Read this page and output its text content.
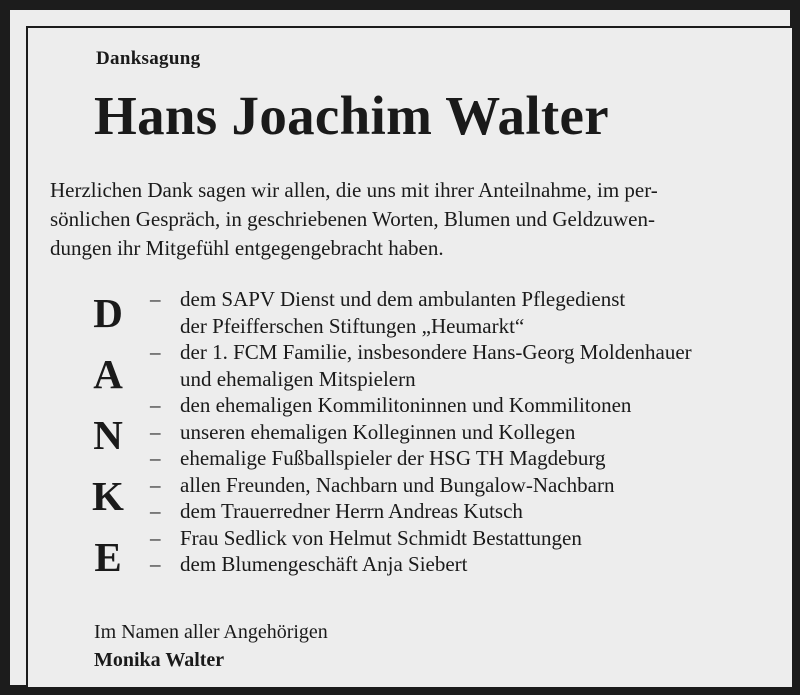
Danksagung
Hans Joachim Walter
Herzlichen Dank sagen wir allen, die uns mit ihrer Anteilnahme, im per-
sönlichen Gespräch, in geschriebenen Worten, Blumen und Geldzuwen-
dungen ihr Mitgefühl entgegengebracht haben.
D
A
N
K
E
– dem SAPV Dienst und dem ambulanten Pflegedienst
der Pfeifferschen Stiftungen „Heumarkt“
– der 1. FCM Familie, insbesondere Hans-Georg Moldenhauer
und ehemaligen Mitspielern
– den ehemaligen Kommilitoninnen und Kommilitonen
– unseren ehemaligen Kolleginnen und Kollegen
– ehemalige Fußballspieler der HSG TH Magdeburg
– allen Freunden, Nachbarn und Bungalow-Nachbarn
– dem Trauerredner Herrn Andreas Kutsch
– Frau Sedlick von Helmut Schmidt Bestattungen
– dem Blumengeschäft Anja Siebert
Im Namen aller Angehörigen
Monika Walter
